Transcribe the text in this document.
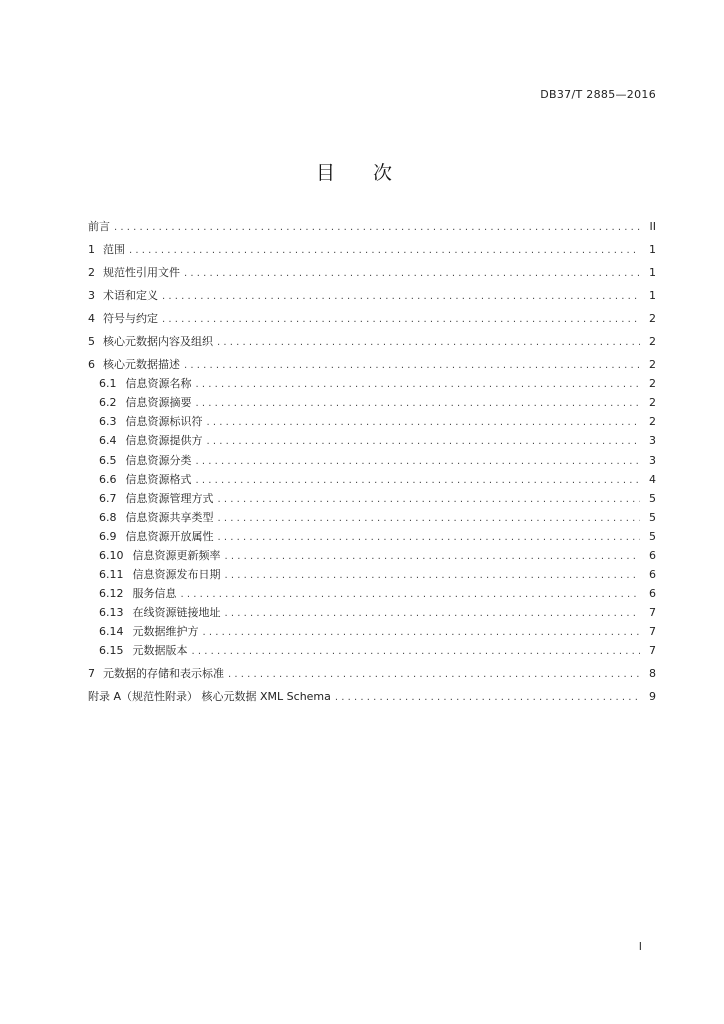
DB37/T 2885—2016
目 次
前言 .....	II
1 范围 .....	1
2 规范性引用文件 .....	1
3 术语和定义 .....	1
4 符号与约定 .....	2
5 核心元数据内容及组织 .....	2
6 核心元数据描述 .....	2
6.1 信息资源名称 .....	2
6.2 信息资源摘要 .....	2
6.3 信息资源标识符 .....	2
6.4 信息资源提供方 .....	3
6.5 信息资源分类 .....	3
6.6 信息资源格式 .....	4
6.7 信息资源管理方式 .....	5
6.8 信息资源共享类型 .....	5
6.9 信息资源开放属性 .....	5
6.10 信息资源更新频率 .....	6
6.11 信息资源发布日期 .....	6
6.12 服务信息 .....	6
6.13 在线资源链接地址 .....	7
6.14 元数据维护方 .....	7
6.15 元数据版本 .....	7
7 元数据的存储和表示标准 .....	8
附录 A（规范性附录） 核心元数据 XML Schema .....	9
I
